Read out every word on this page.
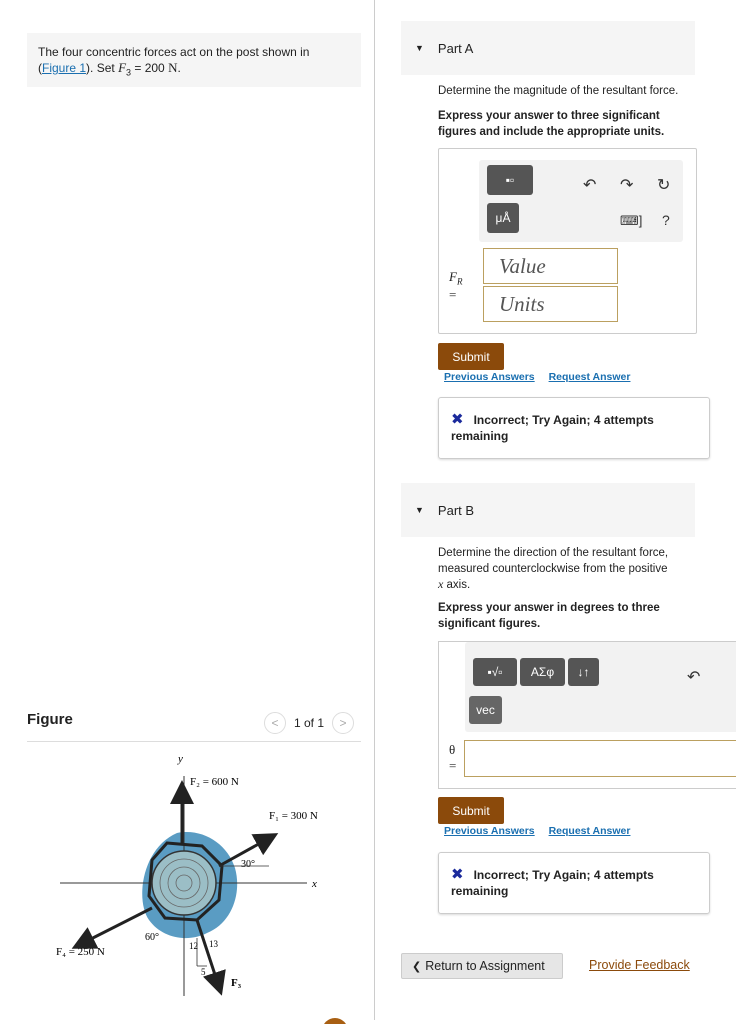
The four concentric forces act on the post shown in
(Figure 1). Set $F_3 = 200$ N.
Figure	<	1 of 1	>
y
x
F₂ = 600 N
F₁ = 300 N
F₄ = 250 N
F₃
30°
60°
12 13
5
▼ Part A
Determine the magnitude of the resultant force.
Express your answer to three significant figures and include the appropriate units.
▪▫
μÅ
↶ ↷ ↻
⌨] ?
$F_R$
=
Value
Units
Submit
Previous Answers Request Answer
✖ Incorrect; Try Again; 4 attempts remaining
▼ Part B
Determine the direction of the resultant force, measured counterclockwise from the positive
x axis.
Express your answer in degrees to three significant figures.
▪√▫	ΑΣφ	↓↑
vec
↶
θ
=
Submit
Previous Answers Request Answer
✖ Incorrect; Try Again; 4 attempts remaining
❮ Return to Assignment	Provide Feedback
